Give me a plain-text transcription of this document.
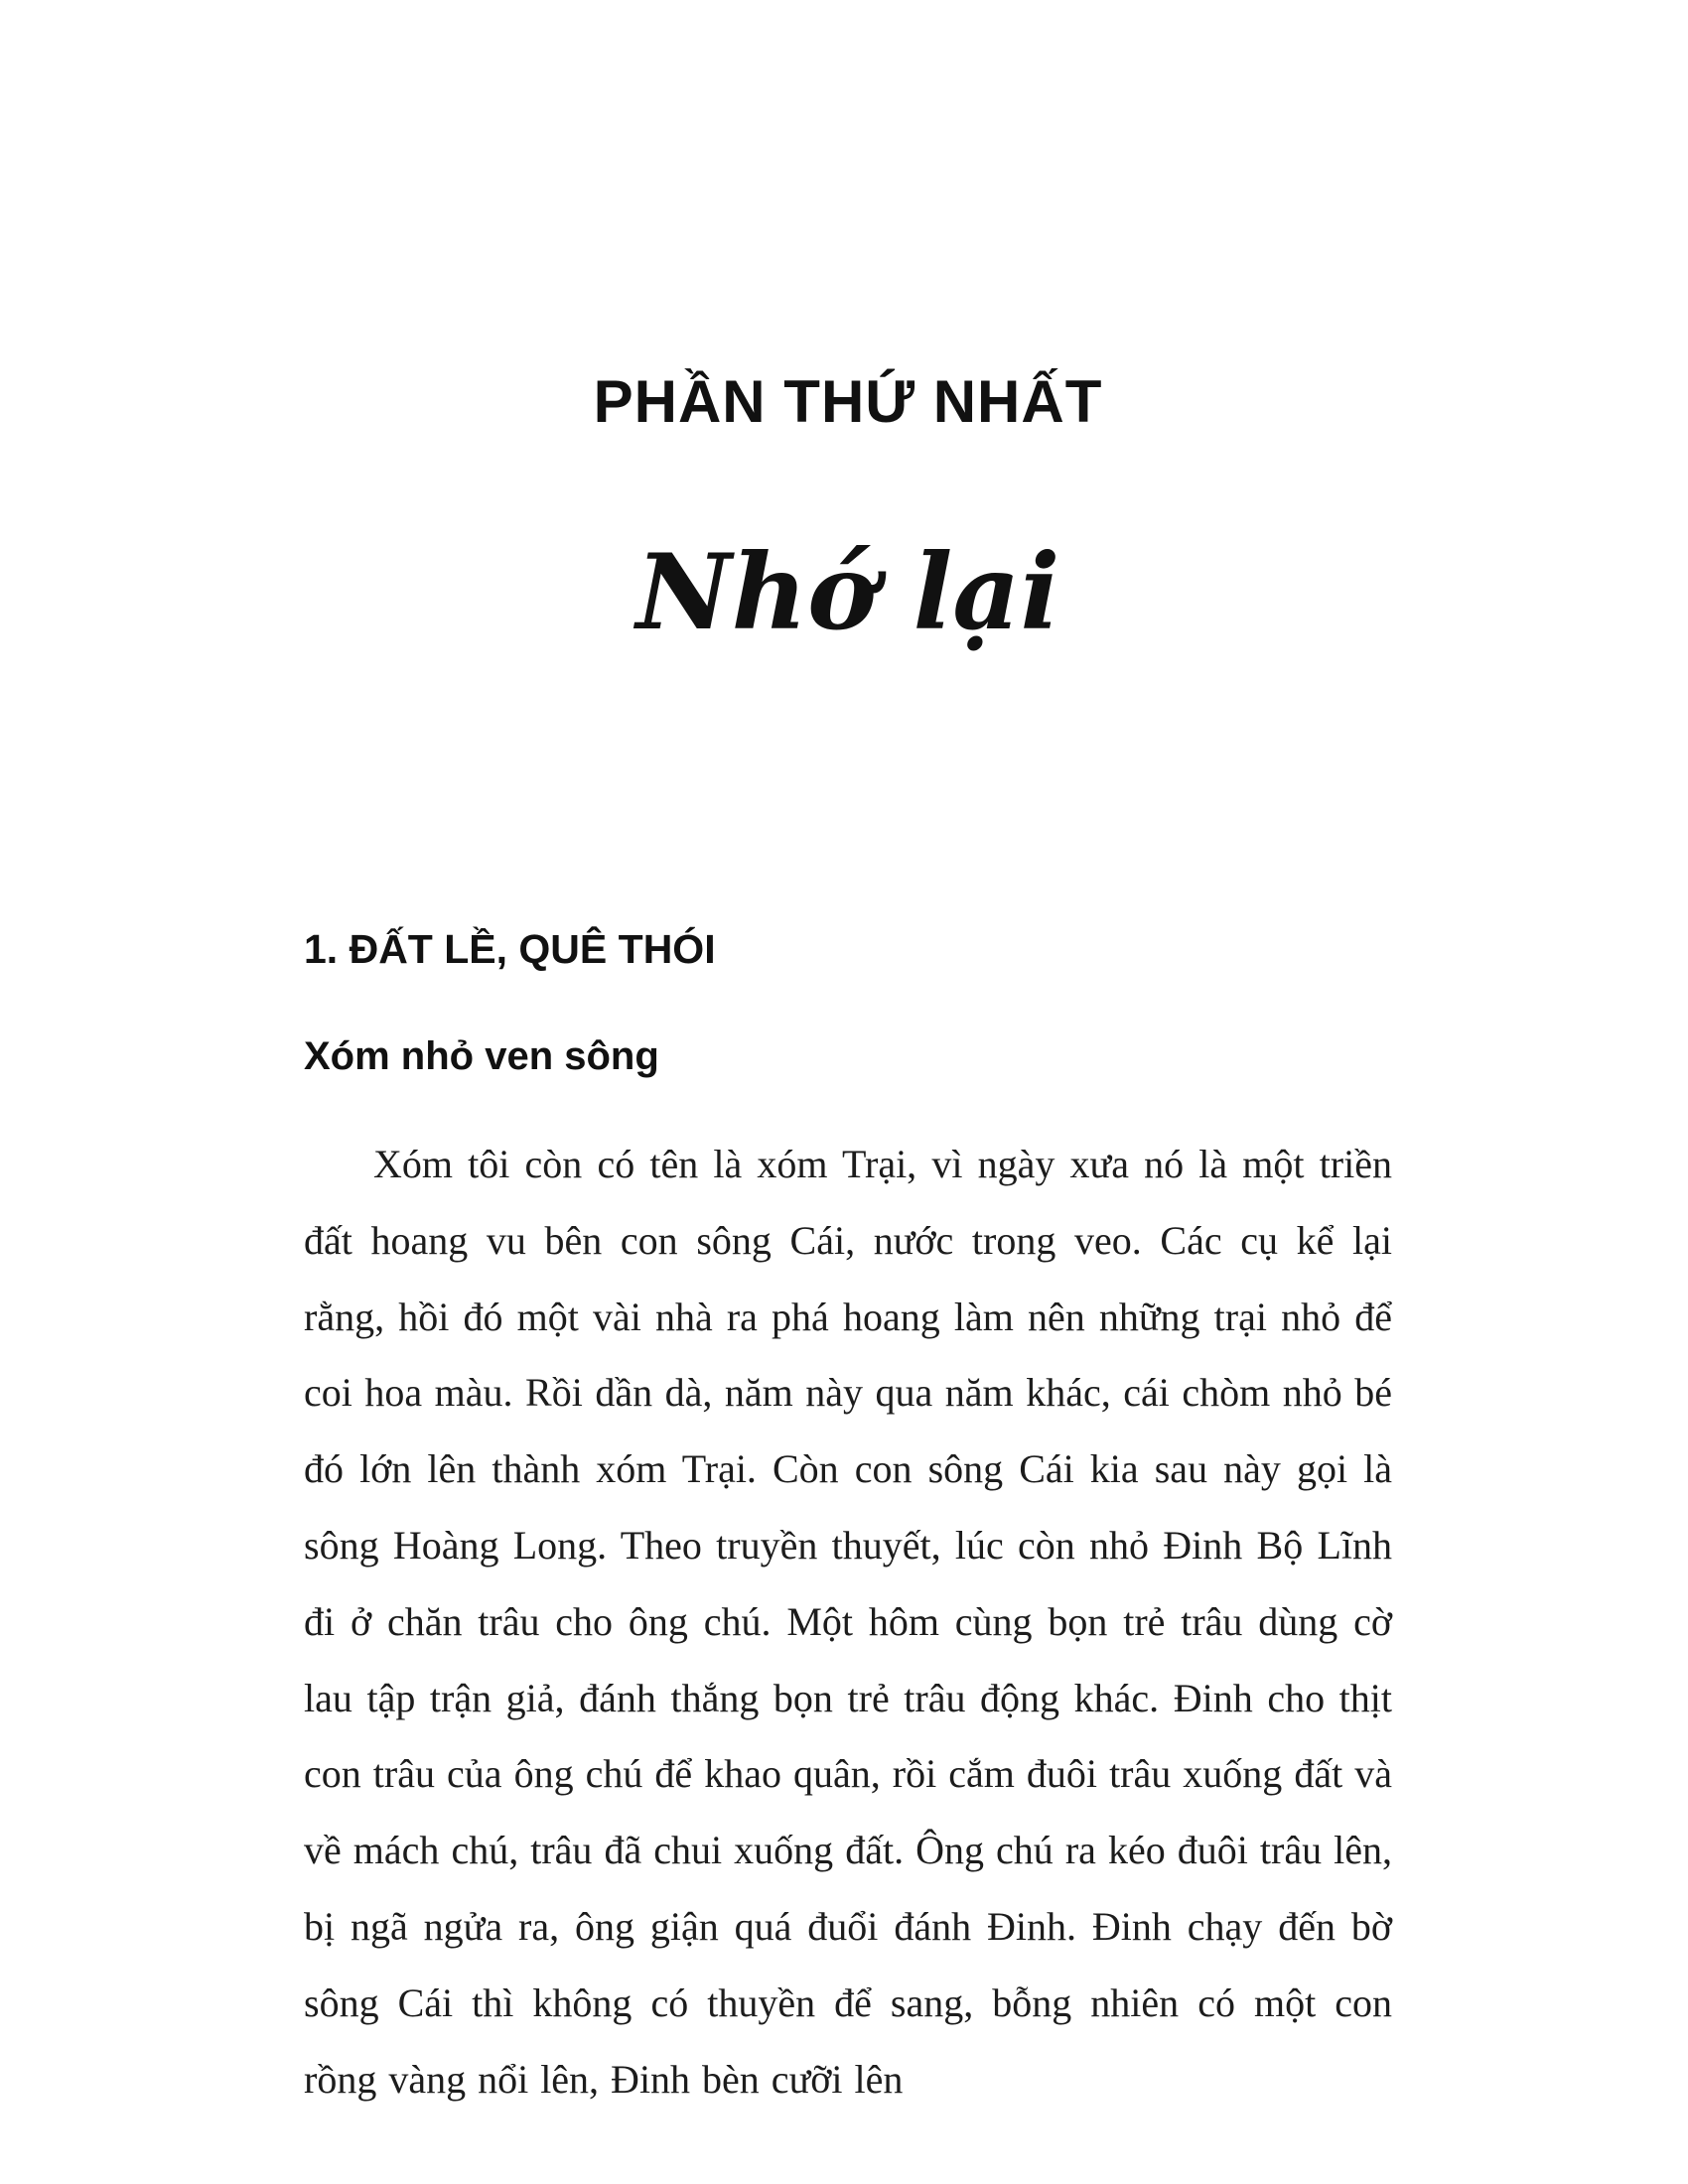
PHẦN THỨ NHẤT
Nhớ lại
1. ĐẤT LỀ, QUÊ THÓI
Xóm nhỏ ven sông
Xóm tôi còn có tên là xóm Trại, vì ngày xưa nó là một triền đất hoang vu bên con sông Cái, nước trong veo. Các cụ kể lại rằng, hồi đó một vài nhà ra phá hoang làm nên những trại nhỏ để coi hoa màu. Rồi dần dà, năm này qua năm khác, cái chòm nhỏ bé đó lớn lên thành xóm Trại. Còn con sông Cái kia sau này gọi là sông Hoàng Long. Theo truyền thuyết, lúc còn nhỏ Đinh Bộ Lĩnh đi ở chăn trâu cho ông chú. Một hôm cùng bọn trẻ trâu dùng cờ lau tập trận giả, đánh thắng bọn trẻ trâu động khác. Đinh cho thịt con trâu của ông chú để khao quân, rồi cắm đuôi trâu xuống đất và về mách chú, trâu đã chui xuống đất. Ông chú ra kéo đuôi trâu lên, bị ngã ngửa ra, ông giận quá đuổi đánh Đinh. Đinh chạy đến bờ sông Cái thì không có thuyền để sang, bỗng nhiên có một con rồng vàng nổi lên, Đinh bèn cưỡi lên
